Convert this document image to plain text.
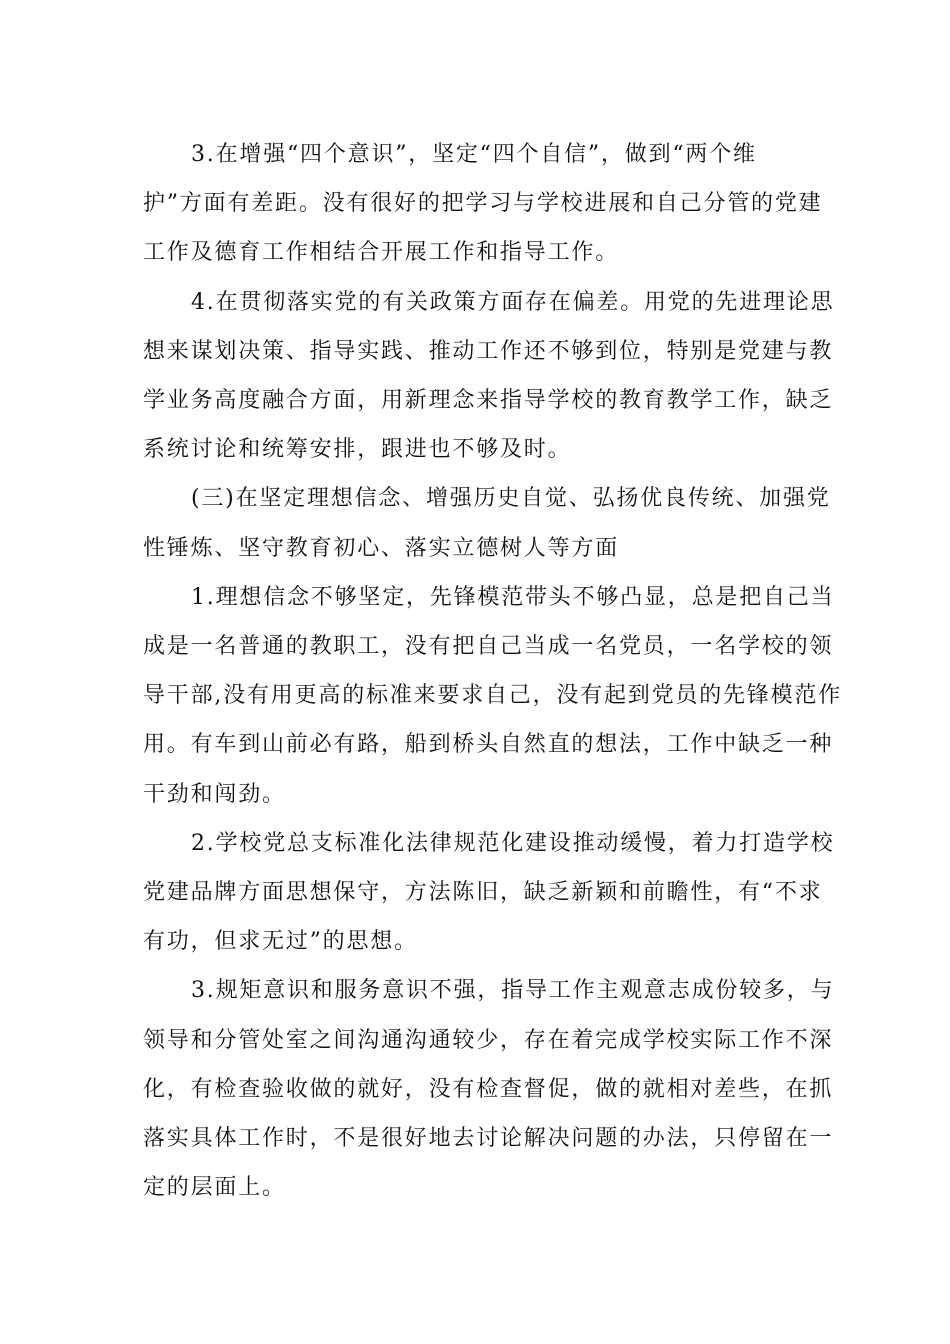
3.在增强“四个意识”，坚定“四个自信”，做到“两个维
护”方面有差距。没有很好的把学习与学校进展和自己分管的党建
工作及德育工作相结合开展工作和指导工作。

4.在贯彻落实党的有关政策方面存在偏差。用党的先进理论思
想来谋划决策、指导实践、推动工作还不够到位，特别是党建与教
学业务高度融合方面，用新理念来指导学校的教育教学工作，缺乏
系统讨论和统筹安排，跟进也不够及时。

(三)在坚定理想信念、增强历史自觉、弘扬优良传统、加强党
性锤炼、坚守教育初心、落实立德树人等方面

1.理想信念不够坚定，先锋模范带头不够凸显，总是把自己当
成是一名普通的教职工，没有把自己当成一名党员，一名学校的领
导干部,没有用更高的标准来要求自己，没有起到党员的先锋模范作
用。有车到山前必有路，船到桥头自然直的想法，工作中缺乏一种
干劲和闯劲。

2.学校党总支标准化法律规范化建设推动缓慢，着力打造学校
党建品牌方面思想保守，方法陈旧，缺乏新颖和前瞻性，有“不求
有功，但求无过”的思想。

3.规矩意识和服务意识不强，指导工作主观意志成份较多，与
领导和分管处室之间沟通沟通较少，存在着完成学校实际工作不深
化，有检查验收做的就好，没有检查督促，做的就相对差些，在抓
落实具体工作时，不是很好地去讨论解决问题的办法，只停留在一
定的层面上。
